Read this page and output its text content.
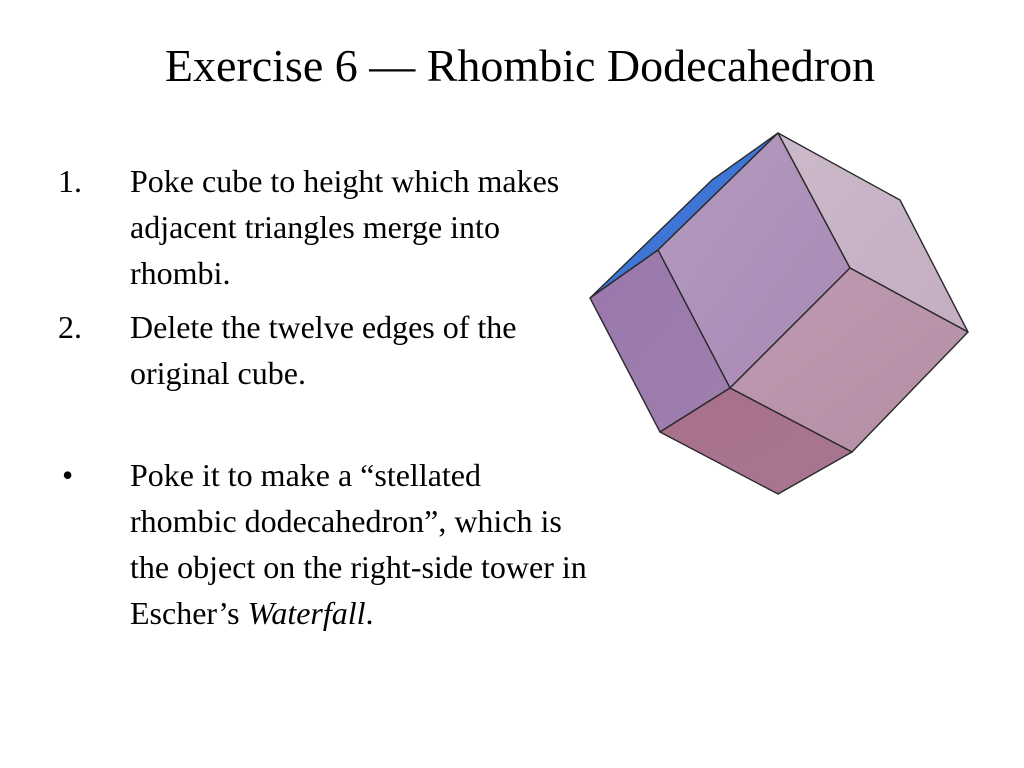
Exercise 6 — Rhombic Dodecahedron
1.	Poke cube to height which makes adjacent triangles merge into rhombi.
2.	Delete the twelve edges of the original cube.
•	Poke it to make a “stellated rhombic dodecahedron”, which is the object on the right-side tower in Escher’s Waterfall.
